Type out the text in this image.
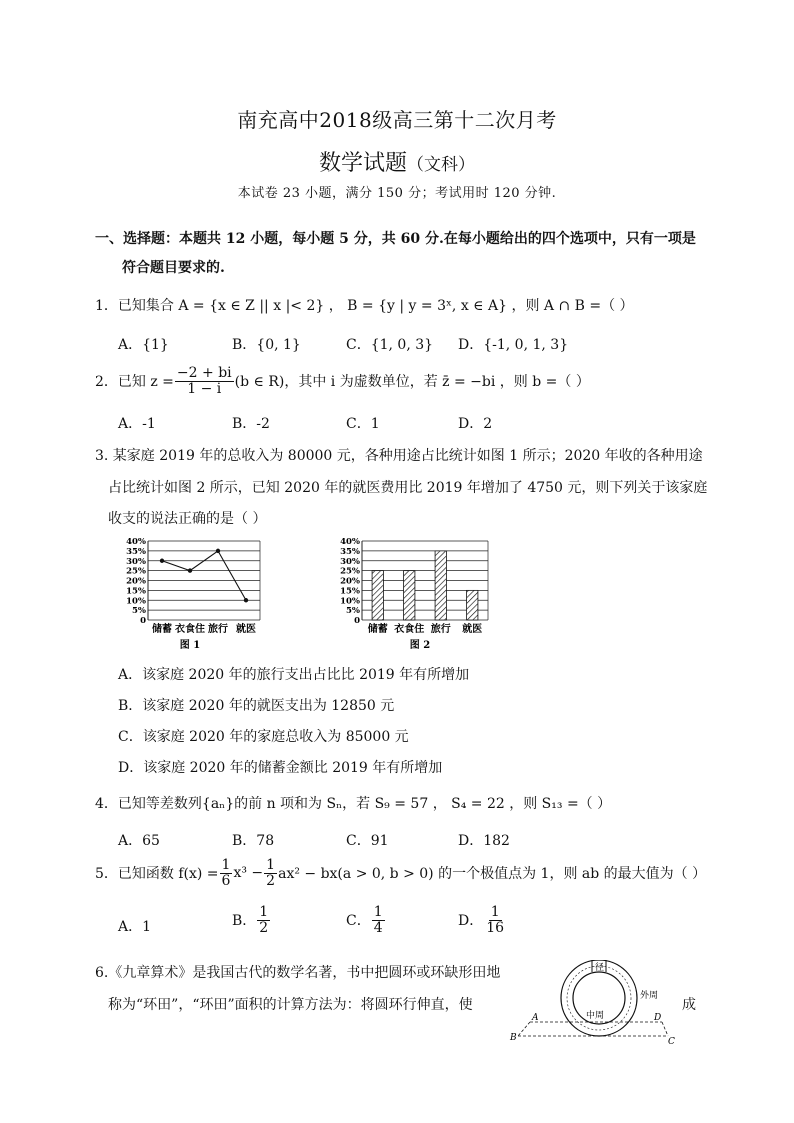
南充高中2018级高三第十二次月考
数学试题（文科）
本试卷 23 小题，满分 150 分；考试用时 120 分钟.
一、选择题：本题共 12 小题，每小题 5 分，共 60 分.在每小题给出的四个选项中，只有一项是
符合题目要求的.
1．已知集合 A = {x ∈ Z || x |< 2} ， B = {y | y = 3ˣ, x ∈ A} ，则 A ∩ B =（ ）
A．{1}	B．{0, 1}	C．{1, 0, 3} D．{-1, 0, 1, 3}
2．已知 $z = \frac{-2 + bi}{1 - i} (b$ ∈ R)，其中 i 为虚数单位，若 z̄ = −bi ，则 b =（ ）
A．-1	B．-2	C．1	D．2
3. 某家庭 2019 年的总收入为 80000 元，各种用途占比统计如图 1 所示；2020 年收的各种用途
占比统计如图 2 所示，已知 2020 年的就医费用比 2019 年增加了 4750 元，则下列关于该家庭
收支的说法正确的是（ ）
0
5%
10%
15%
20%
25%
30%
35%
40%
储蓄 衣食住 旅行 就医
图 1
0
5%
10%
15%
20%
25%
30%
35%
40%
储蓄 衣食住 旅行 就医
图 2
A．该家庭 2020 年的旅行支出占比比 2019 年有所增加
B．该家庭 2020 年的就医支出为 12850 元
C．该家庭 2020 年的家庭总收入为 85000 元
D．该家庭 2020 年的储蓄金额比 2019 年有所增加
4．已知等差数列{aₙ}的前 n 项和为 Sₙ，若 S₉ = 57 ， S₄ = 22 ，则 S₁₃ =（ ）
A．65	B．78	C．91	D．182
5．已知函数 $f(x) = \frac{1}{6} x^3 - \frac{1}{2} ax^2 - bx(a > 0$, b > 0) 的一个极值点为 1，则 ab 的最大值为（ ）
A．1	B． $\frac{1}{2}$	C． $\frac{1}{4}$	D． $\frac{1}{16}$
6.《九章算术》是我国古代的数学名著，书中把圆环或环缺形田地
称为“环田”，“环田”面积的计算方法为：将圆环行伸直，使	成
径
中周
外周
A
B	C
D
